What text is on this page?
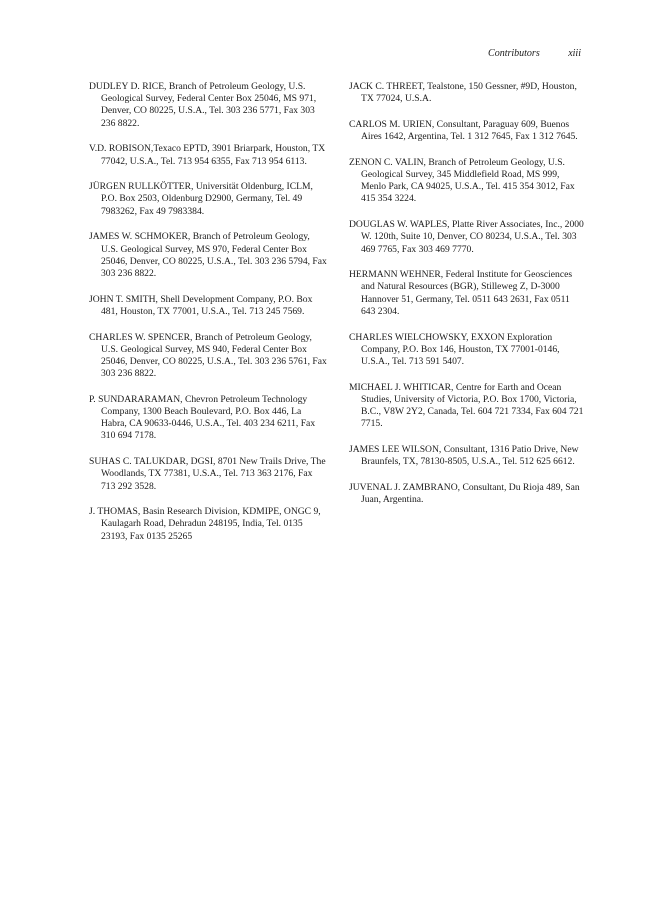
Contributors	xiii

DUDLEY D. RICE, Branch of Petroleum Geology, U.S. Geological Survey, Federal Center Box 25046, MS 971, Denver, CO 80225, U.S.A., Tel. 303 236 5771, Fax 303 236 8822.

V.D. ROBISON,Texaco EPTD, 3901 Briarpark, Houston, TX 77042, U.S.A., Tel. 713 954 6355, Fax 713 954 6113.

JÜRGEN RULLKÖTTER, Universität Oldenburg, ICLM, P.O. Box 2503, Oldenburg D2900, Germany, Tel. 49 7983262, Fax 49 7983384.

JAMES W. SCHMOKER, Branch of Petroleum Geology, U.S. Geological Survey, MS 970, Federal Center Box 25046, Denver, CO 80225, U.S.A., Tel. 303 236 5794, Fax 303 236 8822.

JOHN T. SMITH, Shell Development Company, P.O. Box 481, Houston, TX 77001, U.S.A., Tel. 713 245 7569.

CHARLES W. SPENCER, Branch of Petroleum Geology, U.S. Geological Survey, MS 940, Federal Center Box 25046, Denver, CO 80225, U.S.A., Tel. 303 236 5761, Fax 303 236 8822.

P. SUNDARARAMAN, Chevron Petroleum Technology Company, 1300 Beach Boulevard, P.O. Box 446, La Habra, CA 90633-0446, U.S.A., Tel. 403 234 6211, Fax 310 694 7178.

SUHAS C. TALUKDAR, DGSI, 8701 New Trails Drive, The Woodlands, TX 77381, U.S.A., Tel. 713 363 2176, Fax 713 292 3528.

J. THOMAS, Basin Research Division, KDMIPE, ONGC 9, Kaulagarh Road, Dehradun 248195, India, Tel. 0135 23193, Fax 0135 25265

JACK C. THREET, Tealstone, 150 Gessner, #9D, Houston, TX 77024, U.S.A.

CARLOS M. URIEN, Consultant, Paraguay 609, Buenos Aires 1642, Argentina, Tel. 1 312 7645, Fax 1 312 7645.

ZENON C. VALIN, Branch of Petroleum Geology, U.S. Geological Survey, 345 Middlefield Road, MS 999, Menlo Park, CA 94025, U.S.A., Tel. 415 354 3012, Fax 415 354 3224.

DOUGLAS W. WAPLES, Platte River Associates, Inc., 2000 W. 120th, Suite 10, Denver, CO 80234, U.S.A., Tel. 303 469 7765, Fax 303 469 7770.

HERMANN WEHNER, Federal Institute for Geosciences and Natural Resources (BGR), Stilleweg Z, D-3000 Hannover 51, Germany, Tel. 0511 643 2631, Fax 0511 643 2304.

CHARLES WIELCHOWSKY, EXXON Exploration Company, P.O. Box 146, Houston, TX 77001-0146, U.S.A., Tel. 713 591 5407.

MICHAEL J. WHITICAR, Centre for Earth and Ocean Studies, University of Victoria, P.O. Box 1700, Victoria, B.C., V8W 2Y2, Canada, Tel. 604 721 7334, Fax 604 721 7715.

JAMES LEE WILSON, Consultant, 1316 Patio Drive, New Braunfels, TX, 78130-8505, U.S.A., Tel. 512 625 6612.

JUVENAL J. ZAMBRANO, Consultant, Du Rioja 489, San Juan, Argentina.
